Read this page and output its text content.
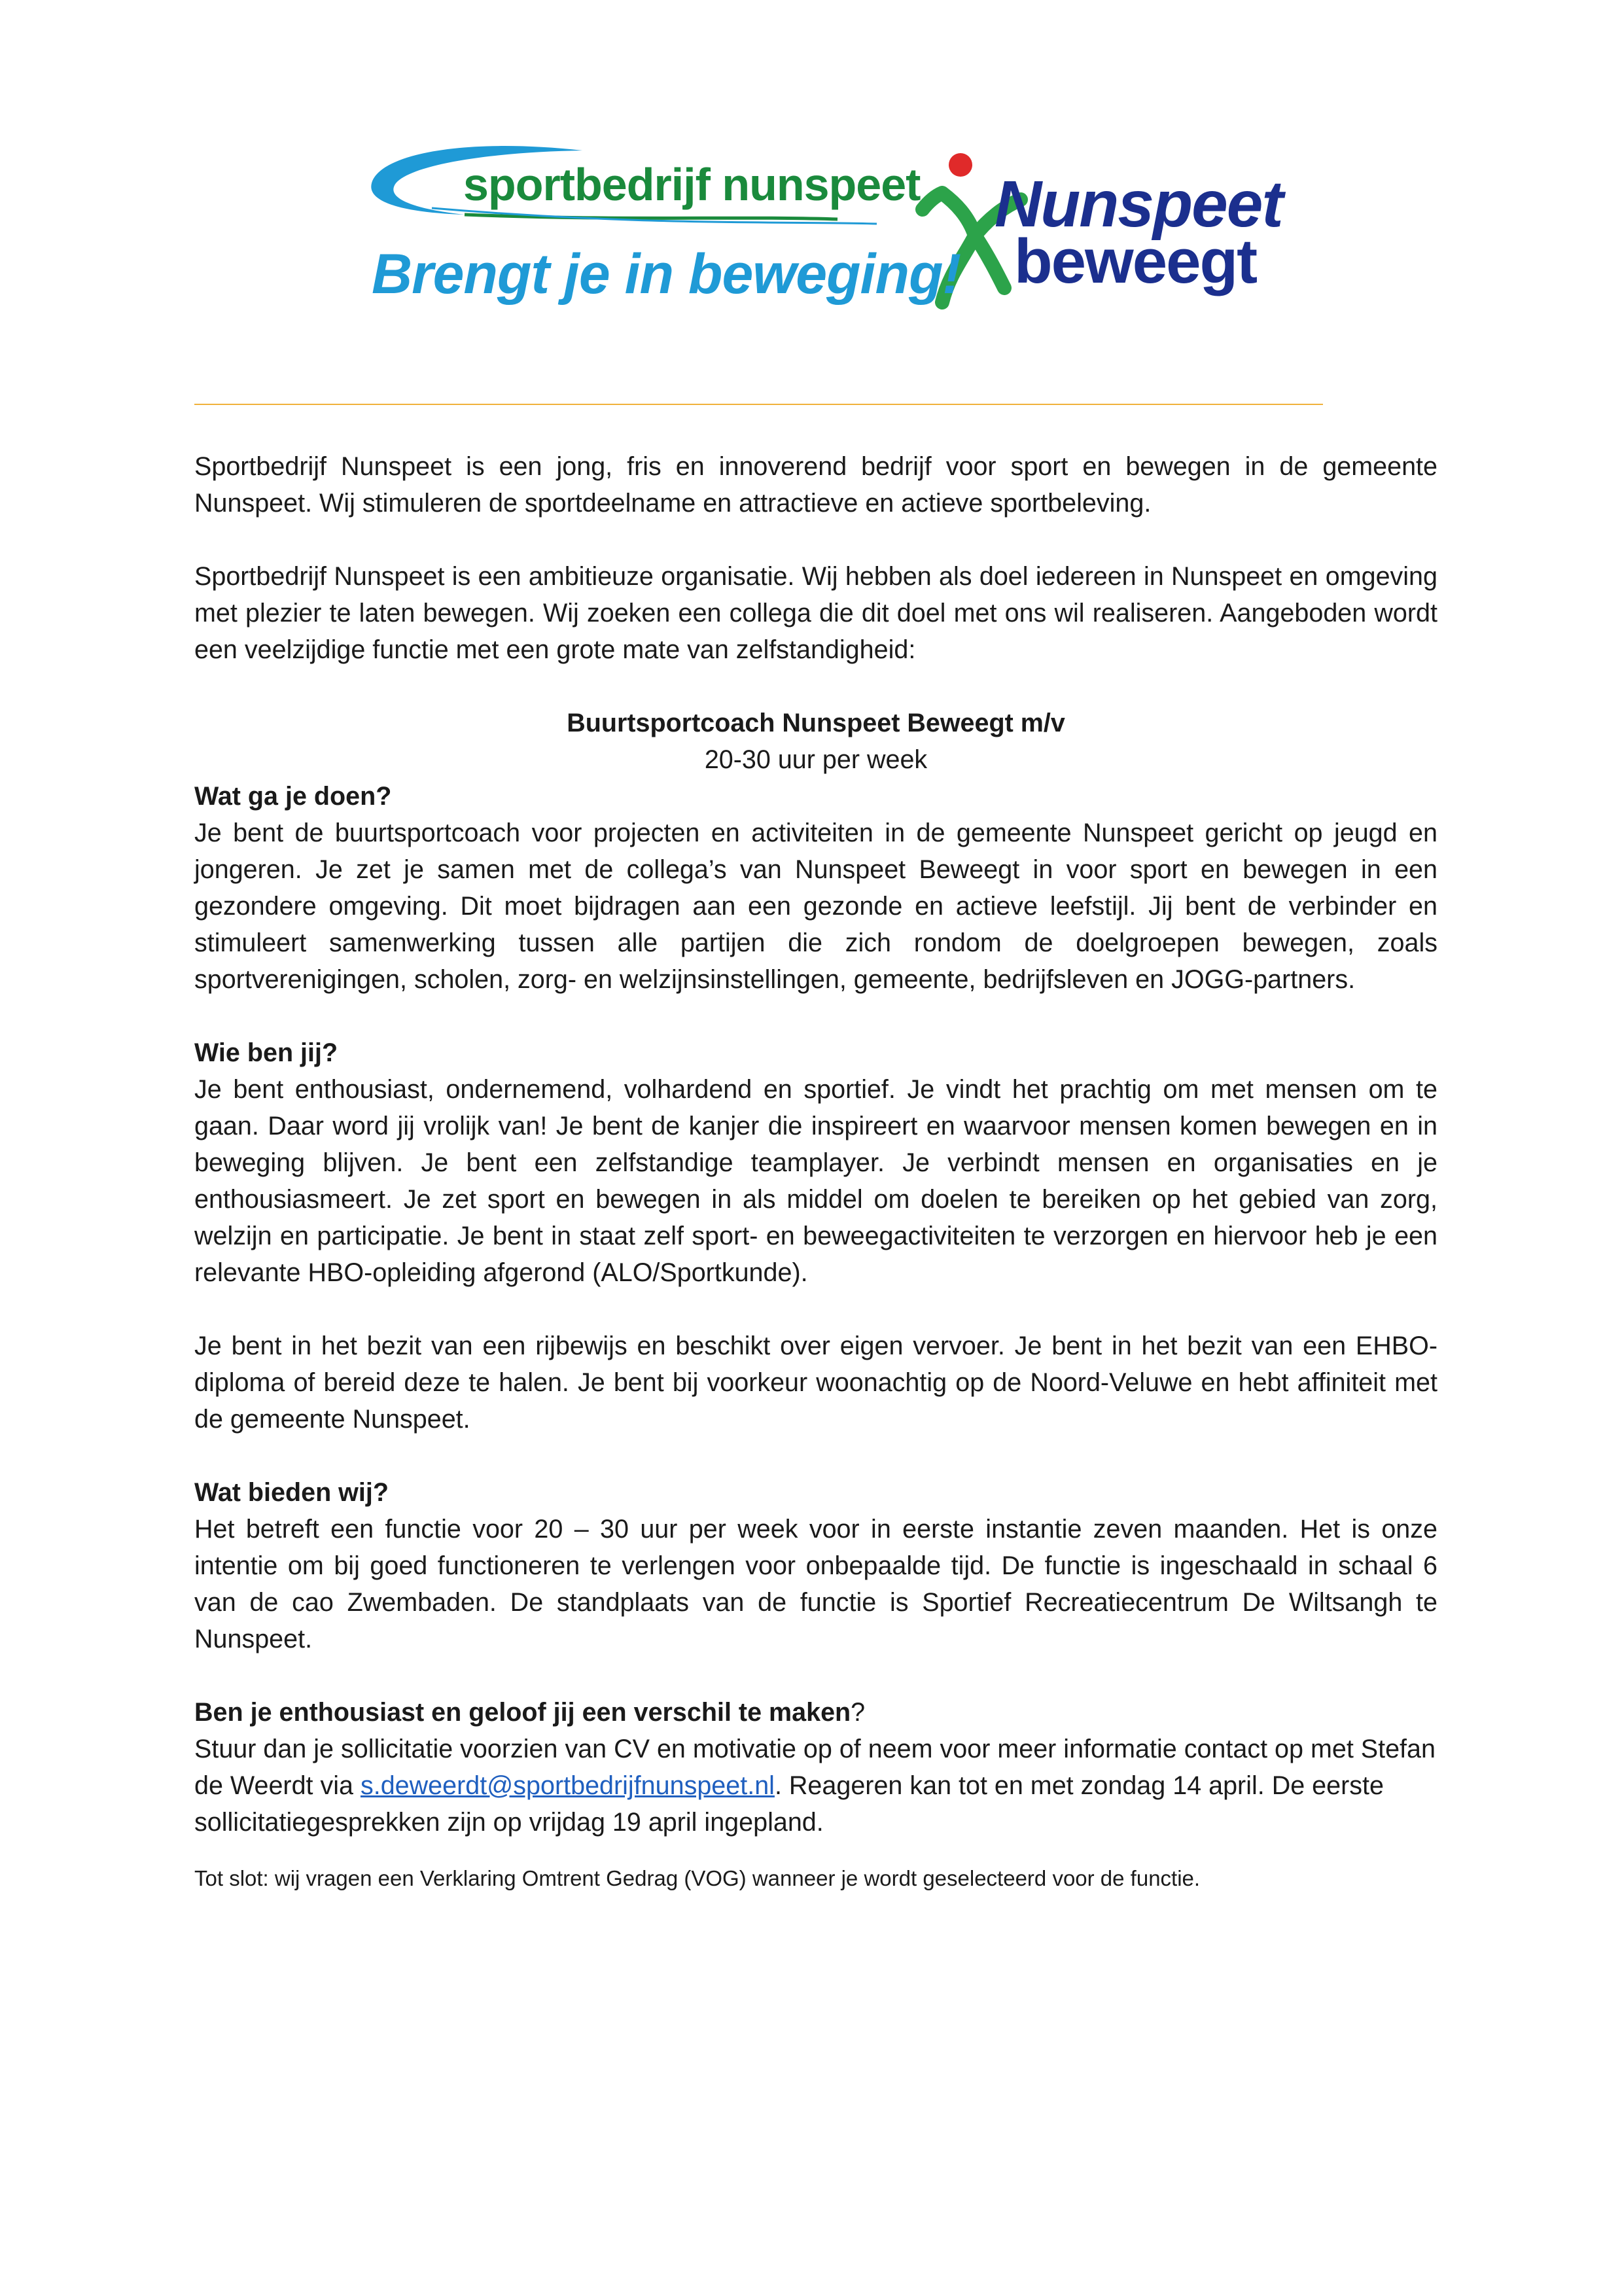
sportbedrijf nunspeet
Brengt je in beweging!
Nunspeet
beweegt

Sportbedrijf Nunspeet is een jong, fris en innoverend bedrijf voor sport en bewegen in de gemeente Nunspeet. Wij stimuleren de sportdeelname en attractieve en actieve sportbeleving.

Sportbedrijf Nunspeet is een ambitieuze organisatie. Wij hebben als doel iedereen in Nunspeet en omgeving met plezier te laten bewegen. Wij zoeken een collega die dit doel met ons wil realiseren. Aangeboden wordt een veelzijdige functie met een grote mate van zelfstandigheid:

Buurtsportcoach Nunspeet Beweegt m/v

20-30 uur per week

Wat ga je doen?

Je bent de buurtsportcoach voor projecten en activiteiten in de gemeente Nunspeet gericht op jeugd en jongeren. Je zet je samen met de collega’s van Nunspeet Beweegt in voor sport en bewegen in een gezondere omgeving. Dit moet bijdragen aan een gezonde en actieve leefstijl. Jij bent de verbinder en stimuleert samenwerking tussen alle partijen die zich rondom de doelgroepen bewegen, zoals sportverenigingen, scholen, zorg- en welzijnsinstellingen, gemeente, bedrijfsleven en JOGG-partners.

Wie ben jij?

Je bent enthousiast, ondernemend, volhardend en sportief. Je vindt het prachtig om met mensen om te gaan. Daar word jij vrolijk van! Je bent de kanjer die inspireert en waarvoor mensen komen bewegen en in beweging blijven. Je bent een zelfstandige teamplayer. Je verbindt mensen en organisaties en je enthousiasmeert. Je zet sport en bewegen in als middel om doelen te bereiken op het gebied van zorg, welzijn en participatie. Je bent in staat zelf sport- en beweegactiviteiten te verzorgen en hiervoor heb je een relevante HBO-opleiding afgerond (ALO/Sportkunde).

Je bent in het bezit van een rijbewijs en beschikt over eigen vervoer. Je bent in het bezit van een EHBO-diploma of bereid deze te halen. Je bent bij voorkeur woonachtig op de Noord-Veluwe en hebt affiniteit met de gemeente Nunspeet.

Wat bieden wij?

Het betreft een functie voor 20 – 30 uur per week voor in eerste instantie zeven maanden. Het is onze intentie om bij goed functioneren te verlengen voor onbepaalde tijd. De functie is ingeschaald in schaal 6 van de cao Zwembaden. De standplaats van de functie is Sportief Recreatiecentrum De Wiltsangh te Nunspeet.

Ben je enthousiast en geloof jij een verschil te maken?

Stuur dan je sollicitatie voorzien van CV en motivatie op of neem voor meer informatie contact op met Stefan de Weerdt via s.deweerdt@sportbedrijfnunspeet.nl. Reageren kan tot en met zondag 14 april. De eerste sollicitatiegesprekken zijn op vrijdag 19 april ingepland.

Tot slot: wij vragen een Verklaring Omtrent Gedrag (VOG) wanneer je wordt geselecteerd voor de functie.
